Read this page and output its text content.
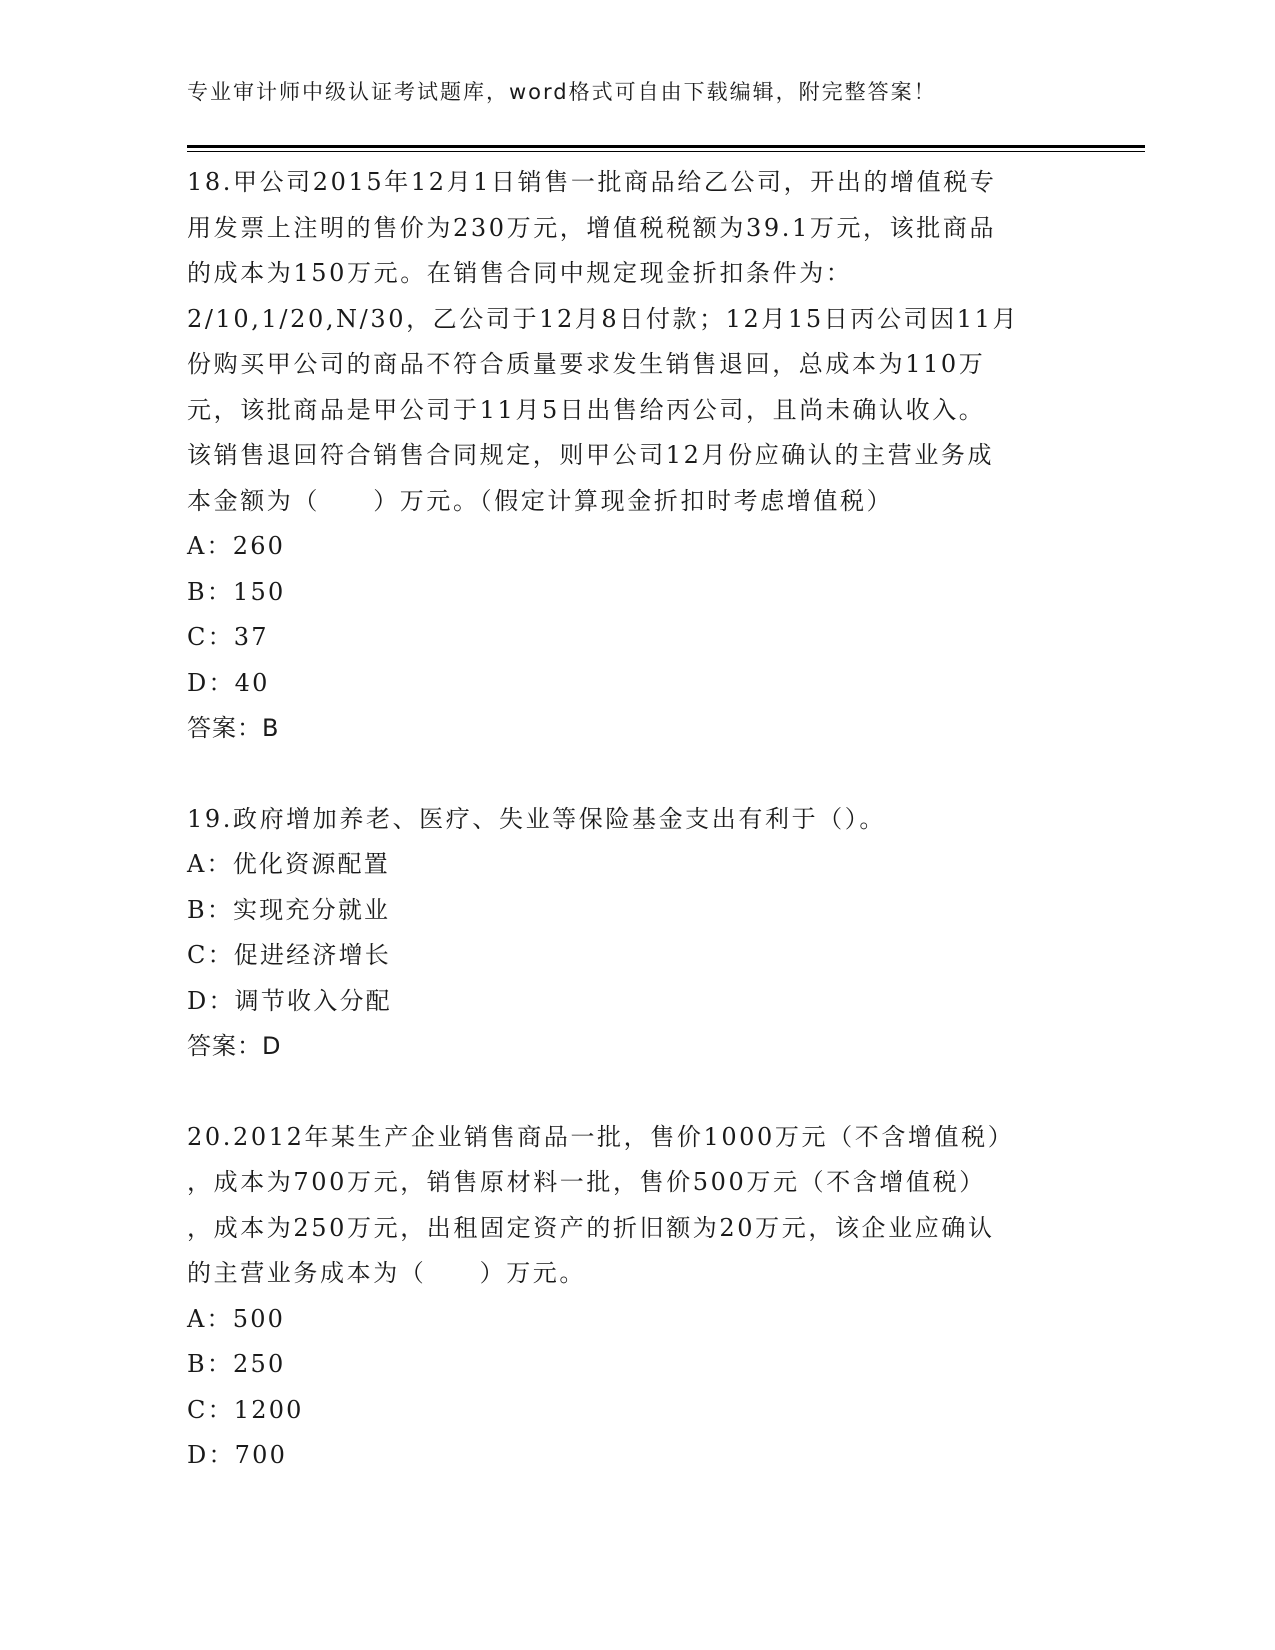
专业审计师中级认证考试题库，word格式可自由下载编辑，附完整答案！
18.甲公司2015年12月1日销售一批商品给乙公司，开出的增值税专
用发票上注明的售价为230万元，增值税税额为39.1万元，该批商品
的成本为150万元。在销售合同中规定现金折扣条件为：
2/10,1/20,N/30，乙公司于12月8日付款；12月15日丙公司因11月
份购买甲公司的商品不符合质量要求发生销售退回，总成本为110万
元，该批商品是甲公司于11月5日出售给丙公司，且尚未确认收入。
该销售退回符合销售合同规定，则甲公司12月份应确认的主营业务成
本金额为（　　）万元。（假定计算现金折扣时考虑增值税）
A：260
B：150
C：37
D：40
答案：B
19.政府增加养老、医疗、失业等保险基金支出有利于（）。
A：优化资源配置
B：实现充分就业
C：促进经济增长
D：调节收入分配
答案：D
20.2012年某生产企业销售商品一批，售价1000万元（不含增值税）
，成本为700万元，销售原材料一批，售价500万元（不含增值税）
，成本为250万元，出租固定资产的折旧额为20万元，该企业应确认
的主营业务成本为（　　）万元。
A：500
B：250
C：1200
D：700
